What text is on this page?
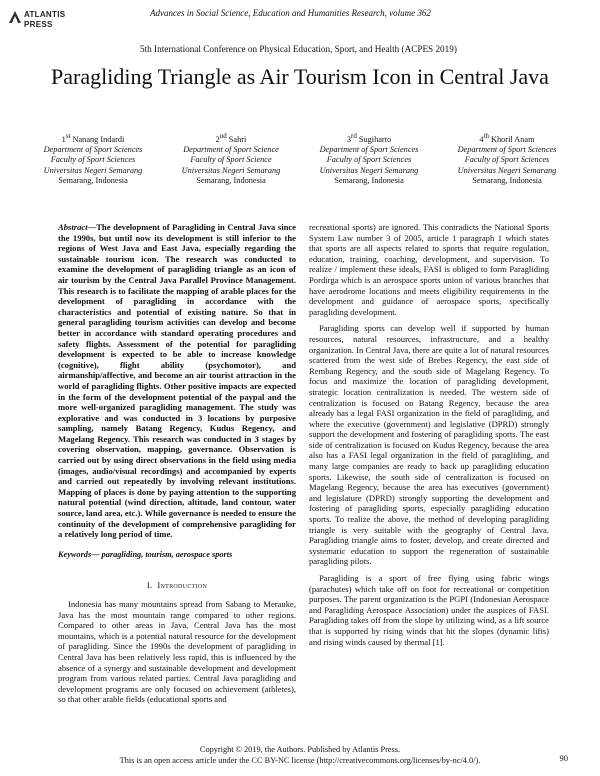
ATLANTIS
PRESS
Advances in Social Science, Education and Humanities Research, volume 362
5th International Conference on Physical Education, Sport, and Health (ACPES 2019)
Paragliding Triangle as Air Tourism Icon in Central Java
1st Nanang Indardi
Department of Sport Sciences
Faculty of Sport Sciences
Universitas Negeri Semarang
Semarang, Indonesia
2nd Sahri
Department of Sport Science
Faculty of Sport Science
Universitas Negeri Semarang
Semarang, Indonesia
3rd Sugiharto
Department of Sport Sciences
Faculty of Sport Sciences
Universitas Negeri Semarang
Semarang, Indonesia
4th Khoril Anam
Department of Sport Sciences
Faculty of Sport Sciences
Universitas Negeri Semarang
Semarang, Indonesia

Abstract—The development of Paragliding in Central Java since the 1990s, but until now its development is still inferior to the regions of West Java and East Java, especially regarding the sustainable tourism icon. The research was conducted to examine the development of paragliding triangle as an icon of air tourism by the Central Java Parallel Province Management. This research is to facilitate the mapping of arable places for the development of paragliding in accordance with the characteristics and potential of existing nature. So that in general paragliding tourism activities can develop and become better in accordance with standard operating procedures and safety flights. Assessment of the potential for paragliding development is expected to be able to increase knowledge (cognitive), flight ability (psychomotor), and airmanship/affective, and become an air tourist attraction in the world of paragliding flights. Other positive impacts are expected in the form of the development potential of the paypal and the more well-organized paragliding management. The study was explorative and was conducted in 3 locations by purposive sampling, namely Batang Regency, Kudus Regency, and Magelang Regency. This research was conducted in 3 stages by covering observation, mapping, governance. Observation is carried out by using direct observations in the field using media (images, audio/visual recordings) and accompanied by experts and carried out repeatedly by involving relevant institutions. Mapping of places is done by paying attention to the supporting natural potential (wind direction, altitude, land contour, water source, land area, etc.). While governance is needed to ensure the continuity of the development of comprehensive paragliding for a relatively long period of time.

Keywords— paragliding, tourism, aerospace sports

I. Introduction

Indonesia has many mountains spread from Sabang to Merauke, Java has the most mountain range compared to other regions. Compared to other areas in Java, Central Java has the most mountains, which is a potential natural resource for the development of paragliding. Since the 1990s the development of paragliding in Central Java has been relatively less rapid, this is influenced by the absence of a synergy and sustainable development and development program from various related parties. Central Java paragliding and development programs are only focused on achievement (athletes), so that other arable fields (educational sports and

recreational sports) are ignored. This contradicts the National Sports System Law number 3 of 2005, article 1 paragraph 1 which states that sports are all aspects related to sports that require regulation, education, training, coaching, development, and supervision. To realize / implement these ideals, FASI is obliged to form Paragliding Pordirga which is an aerospace sports union of various branches that have aerodrome locations and meets eligibility requirements in the development and guidance of aerospace sports, specifically paragliding development.

Paragliding sports can develop well if supported by human resources, natural resources, infrastructure, and a healthy organization. In Central Java, there are quite a lot of natural resources scattered from the west side of Brebes Regency, the east side of Rembang Regency, and the south side of Magelang Regency. To focus and maximize the location of paragliding development, strategic location centralization is needed. The western side of centralization is focused on Batang Regency, because the area already has a legal FASI organization in the field of paragliding, and where the executive (government) and legislative (DPRD) strongly support the development and fostering of paragliding sports. The east side of centralization is focused on Kudus Regency, because the area also has a FASI legal organization in the field of paragliding, and many large companies are ready to back up paragliding education sports. Likewise, the south side of centralization is focused on Magelang Regency, because the area has executives (government) and legislature (DPRD) strongly supporting the development and fostering of paragliding sports, especially paragliding education sports. To realize the above, the method of developing paragliding triangle is very suitable with the geography of Central Java. Paragliding triangle aims to foster, develop, and create directed and systematic education to support the regeneration of sustainable paragliding pilots.

Paragliding is a sport of free flying using fabric wings (parachutes) which take off on foot for recreational or competition purposes. The parent organization is the PGPI (Indonesian Aerospace and Paragliding Aerospace Association) under the auspices of FASI. Paragliding takes off from the slope by utilizing wind, as a lift source that is supported by rising winds that hit the slopes (dynamic lifts) and rising winds caused by thermal [1].

Copyright © 2019, the Authors. Published by Atlantis Press.
This is an open access article under the CC BY-NC license (http://creativecommons.org/licenses/by-nc/4.0/).	90
